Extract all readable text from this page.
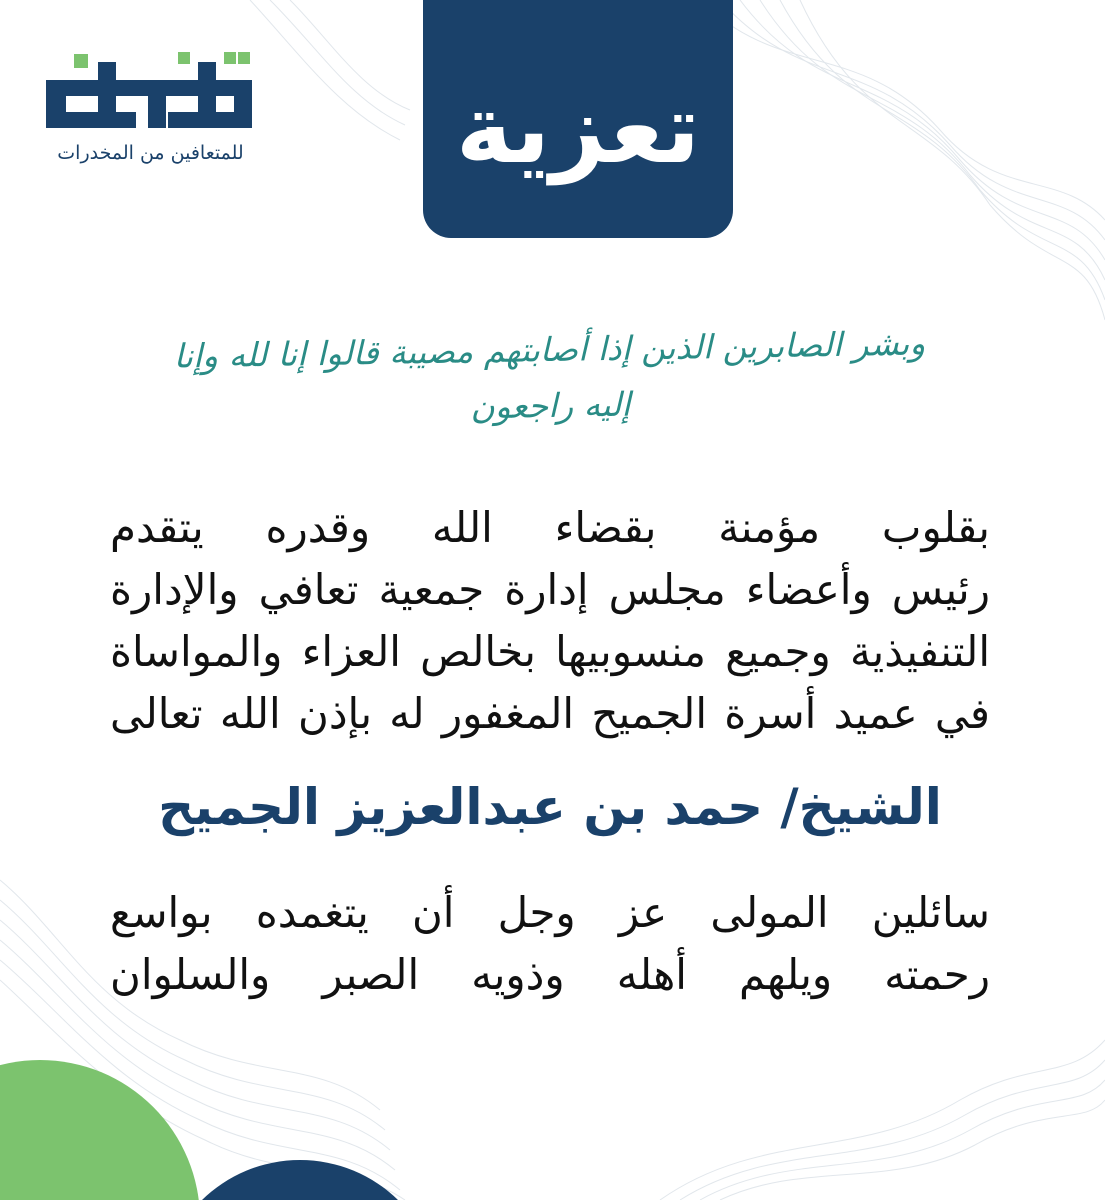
للمتعافين من المخدرات تعزية
وبشر الصابرين الذين إذا أصابتهم مصيبة قالوا إنا لله وإنا إليه راجعون
بقلوب مؤمنة بقضاء الله وقدره يتقدم
رئيس وأعضاء مجلس إدارة جمعية تعافي والإدارة
التنفيذية وجميع منسوبيها بخالص العزاء والمواساة
في عميد أسرة الجميح المغفور له بإذن الله تعالى
الشيخ/ حمد بن عبدالعزيز الجميح
سائلين المولى عز وجل أن يتغمده بواسع
رحمته ويلهم أهله وذويه الصبر والسلوان
